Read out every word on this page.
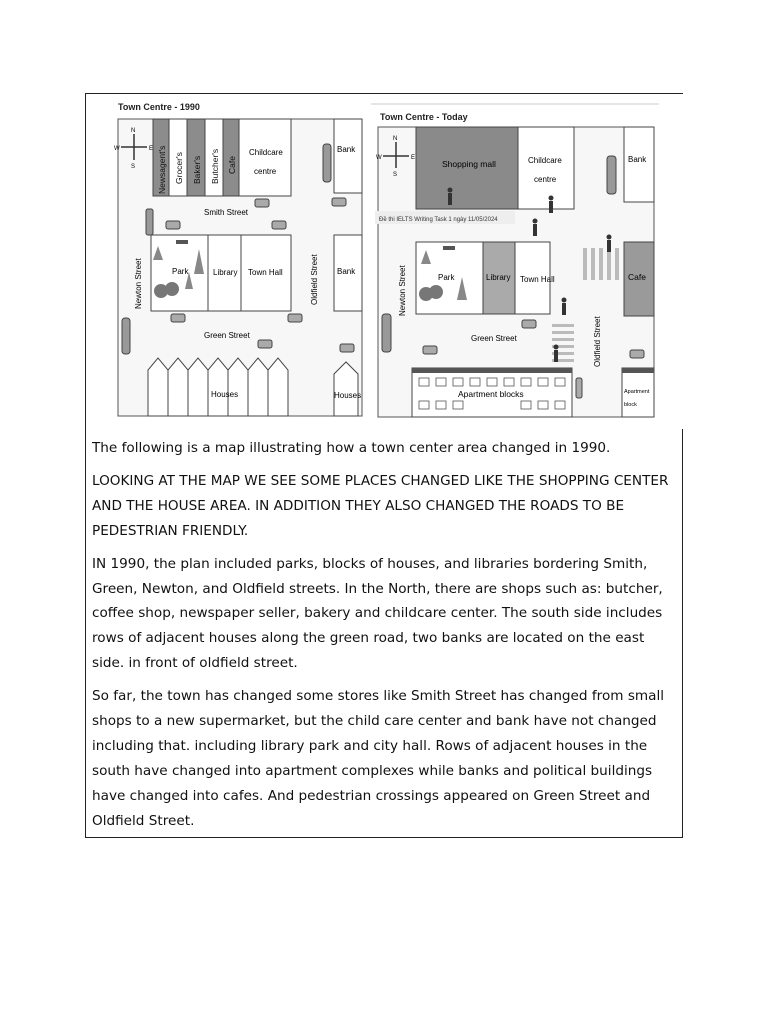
Town Centre - 1990
N
S
W	E Newsagent's Grocer's Baker's Butcher's Cafe
Childcare
centre
Bank
Smith Street
Park	Library Town Hall	Bank
Newton Street	Oldfield Street
Green Street
Houses	Houses
Town Centre - Today
N
S
W	E
Shopping mall	Childcare
centre
Bank
Đề thi IELTS Writing Task 1 ngày 11/05/2024
Park	Library Town Hall	Cafe
Newton Street
Oldfield Street
Green Street
Apartment blocks	Apartment
block

The following is a map illustrating how a town center area changed in 1990.

LOOKING AT THE MAP WE SEE SOME PLACES CHANGED LIKE THE SHOPPING CENTER AND THE HOUSE AREA. IN ADDITION THEY ALSO CHANGED THE ROADS TO BE PEDESTRIAN FRIENDLY.

IN 1990, the plan included parks, blocks of houses, and libraries bordering Smith, Green, Newton, and Oldfield streets. In the North, there are shops such as: butcher, coffee shop, newspaper seller, bakery and childcare center. The south side includes rows of adjacent houses along the green road, two banks are located on the east side. in front of oldfield street.

So far, the town has changed some stores like Smith Street has changed from small shops to a new supermarket, but the child care center and bank have not changed including that. including library park and city hall. Rows of adjacent houses in the south have changed into apartment complexes while banks and political buildings have changed into cafes. And pedestrian crossings appeared on Green Street and Oldfield Street.
